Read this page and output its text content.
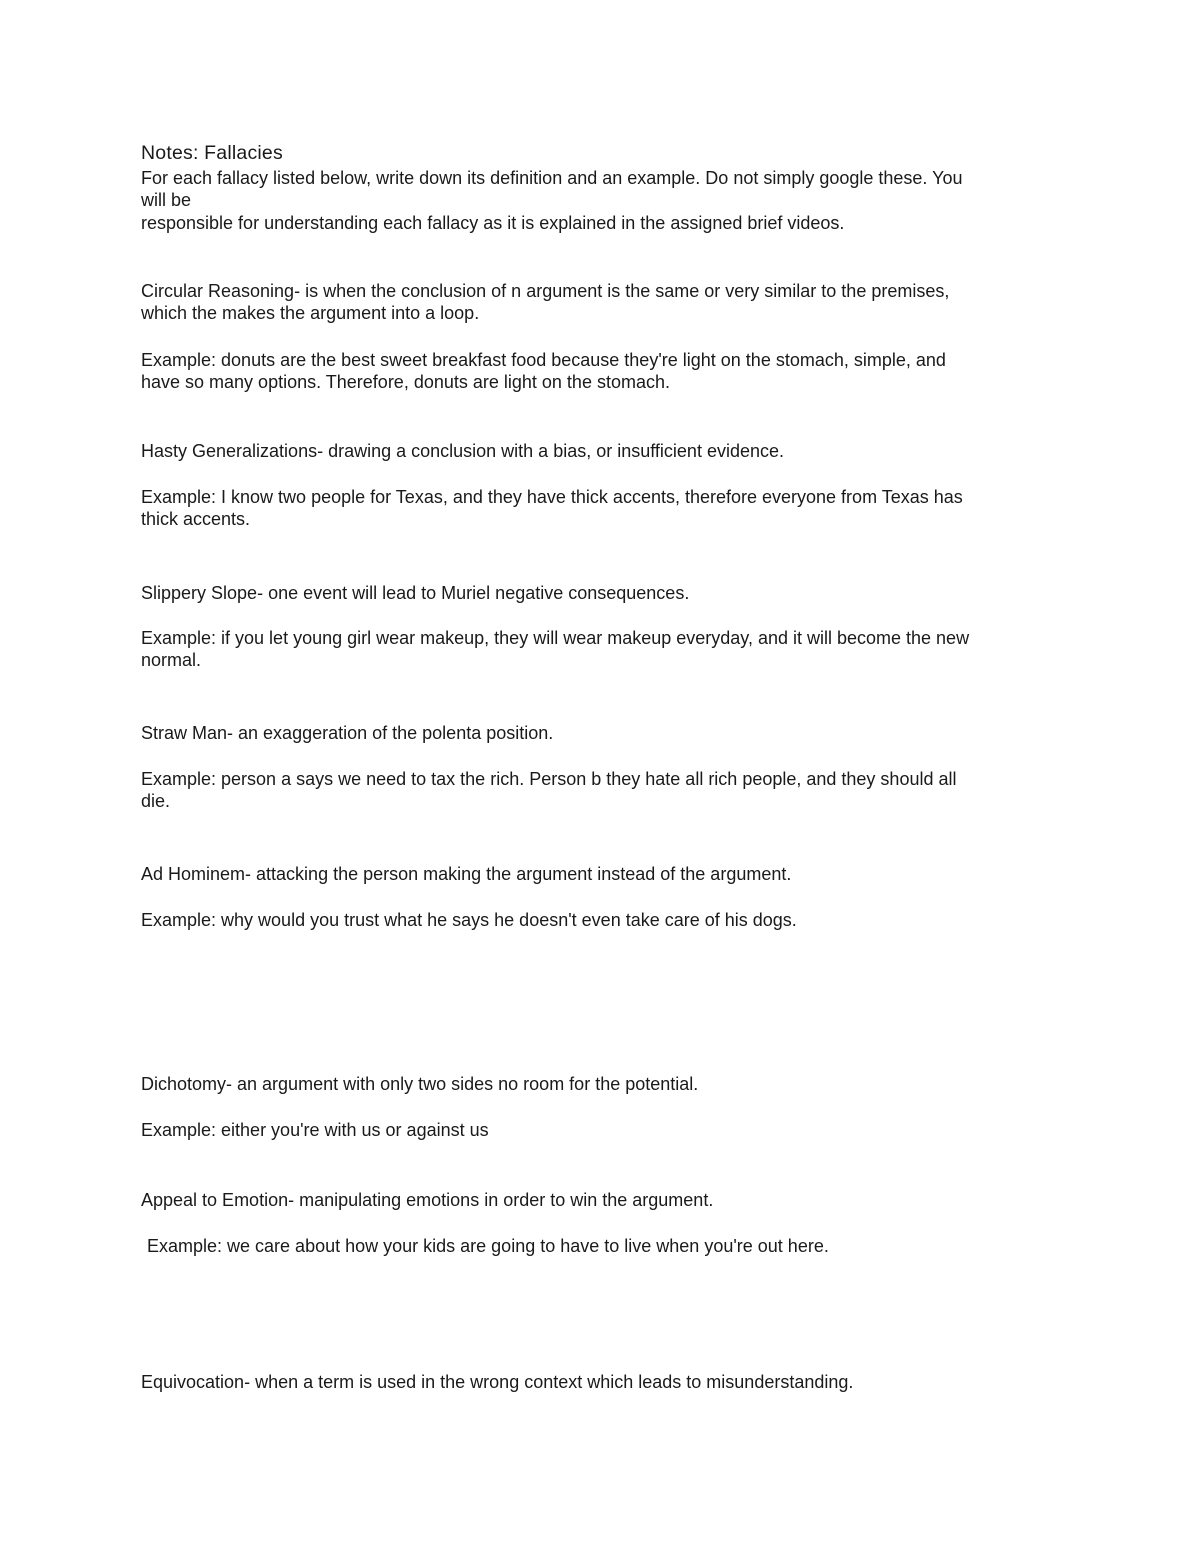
Notes: Fallacies
For each fallacy listed below, write down its definition and an example. Do not simply google these. You
will be
responsible for understanding each fallacy as it is explained in the assigned brief videos.
Circular Reasoning- is when the conclusion of n argument is the same or very similar to the premises,
which the makes the argument into a loop.
Example: donuts are the best sweet breakfast food because they're light on the stomach, simple, and
have so many options. Therefore, donuts are light on the stomach.
Hasty Generalizations- drawing a conclusion with a bias, or insufficient evidence.
Example: I know two people for Texas, and they have thick accents, therefore everyone from Texas has
thick accents.
Slippery Slope- one event will lead to Muriel negative consequences.
Example: if you let young girl wear makeup, they will wear makeup everyday, and it will become the new
normal.
Straw Man- an exaggeration of the polenta position.
Example: person a says we need to tax the rich. Person b they hate all rich people, and they should all
die.
Ad Hominem- attacking the person making the argument instead of the argument.
Example: why would you trust what he says he doesn't even take care of his dogs.
Dichotomy- an argument with only two sides no room for the potential.
Example: either you're with us or against us
Appeal to Emotion- manipulating emotions in order to win the argument.
Example: we care about how your kids are going to have to live when you're out here.
Equivocation- when a term is used in the wrong context which leads to misunderstanding.
